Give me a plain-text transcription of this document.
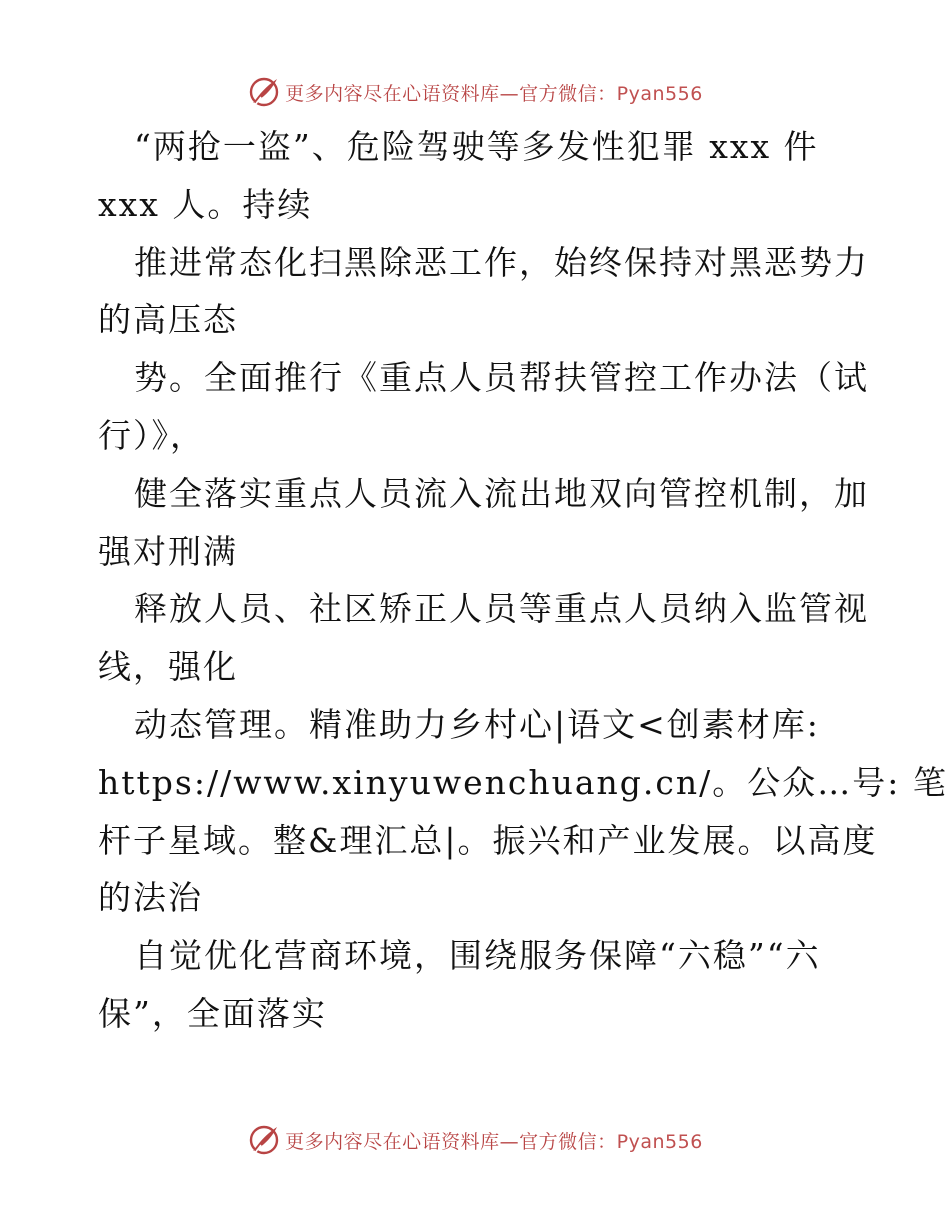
更多内容尽在心语资料库—官方微信：Pyan556
“两抢一盗”、危险驾驶等多发性犯罪 xxx 件
xxx 人。持续
推进常态化扫黑除恶工作，始终保持对黑恶势力
的高压态
势。全面推行《重点人员帮扶管控工作办法（试
行）》，
健全落实重点人员流入流出地双向管控机制，加
强对刑满
释放人员、社区矫正人员等重点人员纳入监管视
线，强化
动态管理。精准助力乡村心|语文<创素材库:
https://www.xinyuwenchuang.cn/。公众…号: 笔
杆子星域。整&理汇总|。振兴和产业发展。以高度
的法治
自觉优化营商环境，围绕服务保障“六稳”“六
保”，全面落实
更多内容尽在心语资料库—官方微信：Pyan556
